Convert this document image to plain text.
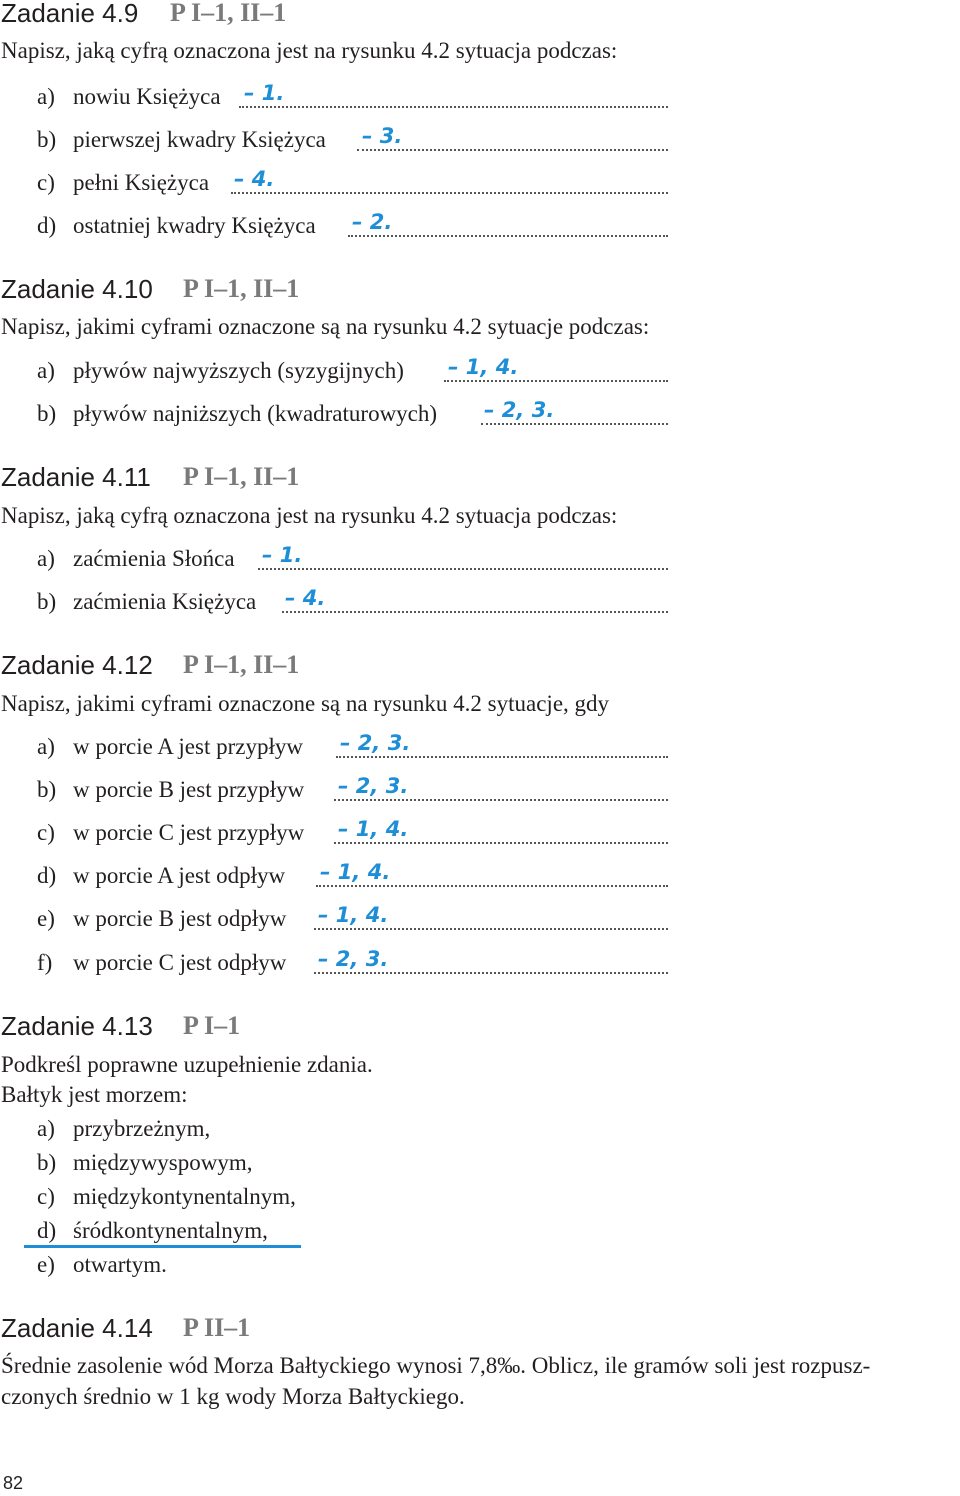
Zadanie 4.9 P I–1, II–1
Napisz, jaką cyfrą oznaczona jest na rysunku 4.2 sytuacja podczas:
a) nowiu Księżyca – 1.
b) pierwszej kwadry Księżyca – 3.
c) pełni Księżyca – 4.
d) ostatniej kwadry Księżyca – 2.
Zadanie 4.10 P I–1, II–1
Napisz, jakimi cyframi oznaczone są na rysunku 4.2 sytuacje podczas:
a) pływów najwyższych (syzygijnych) – 1, 4.
b) pływów najniższych (kwadraturowych) – 2, 3.
Zadanie 4.11 P I–1, II–1
Napisz, jaką cyfrą oznaczona jest na rysunku 4.2 sytuacja podczas:
a) zaćmienia Słońca – 1.
b) zaćmienia Księżyca – 4.
Zadanie 4.12 P I–1, II–1
Napisz, jakimi cyframi oznaczone są na rysunku 4.2 sytuacje, gdy
a) w porcie A jest przypływ – 2, 3.
b) w porcie B jest przypływ – 2, 3.
c) w porcie C jest przypływ – 1, 4.
d) w porcie A jest odpływ – 1, 4.
e) w porcie B jest odpływ – 1, 4.
f) w porcie C jest odpływ – 2, 3.
Zadanie 4.13 P I–1
Podkreśl poprawne uzupełnienie zdania.
Bałtyk jest morzem:
a) przybrzeżnym,
b) międzywyspowym,
c) międzykontynentalnym,
d) śródkontynentalnym,
e) otwartym.
Zadanie 4.14 P II–1
Średnie zasolenie wód Morza Bałtyckiego wynosi 7,8‰. Oblicz, ile gramów soli jest rozpusz-
czonych średnio w 1 kg wody Morza Bałtyckiego.
82
